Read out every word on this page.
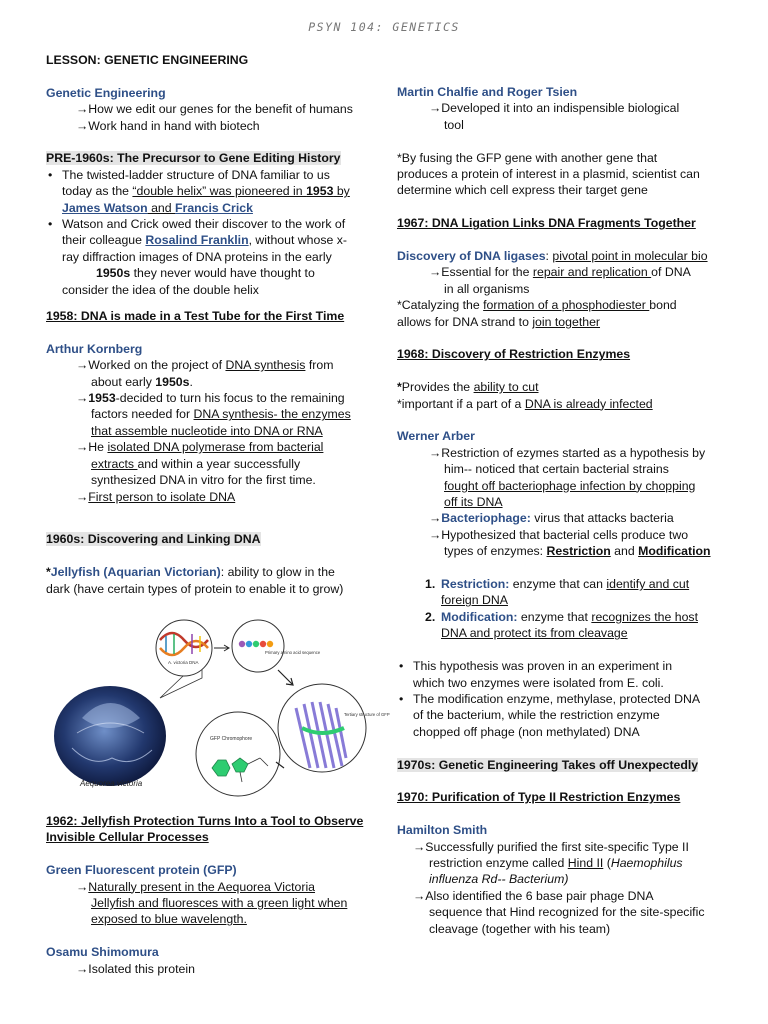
PSYN 104: GENETICS
LESSON: GENETIC ENGINEERING
Genetic Engineering
→How we edit our genes for the benefit of humans
→Work hand in hand with biotech
PRE-1960s: The Precursor to Gene Editing History
• The twisted-ladder structure of DNA familiar to us
today as the “double helix” was pioneered in 1953 by
James Watson and Francis Crick
• Watson and Crick owed their discover to the work of
their colleague Rosalind Franklin, without whose x-
ray diffraction images of DNA proteins in the early
1950s they never would have thought to
consider the idea of the double helix
1958: DNA is made in a Test Tube for the First Time
Arthur Kornberg
→Worked on the project of DNA synthesis from
about early 1950s.
→1953-decided to turn his focus to the remaining
factors needed for DNA synthesis- the enzymes
that assemble nucleotide into DNA or RNA
→He isolated DNA polymerase from bacterial
extracts and within a year successfully
synthesized DNA in vitro for the first time.
→First person to isolate DNA
1960s: Discovering and Linking DNA
*Jellyfish (Aquarian Victorian): ability to glow in the
dark (have certain types of protein to enable it to grow)
Aequorea victoria
A. victoria DNA
Primary amino acid sequence
Tertiary structure of GFP
GFP Chromophore
1962: Jellyfish Protection Turns Into a Tool to Observe
Invisible Cellular Processes
Green Fluorescent protein (GFP)
→Naturally present in the Aequorea Victoria
Jellyfish and fluoresces with a green light when
exposed to blue wavelength.
Osamu Shimomura
→Isolated this protein
Martin Chalfie and Roger Tsien
→Developed it into an indispensible biological
tool
*By fusing the GFP gene with another gene that
produces a protein of interest in a plasmid, scientist can
determine which cell express their target gene
1967: DNA Ligation Links DNA Fragments Together
Discovery of DNA ligases: pivotal point in molecular bio
→Essential for the repair and replication of DNA
in all organisms
*Catalyzing the formation of a phosphodiester bond
allows for DNA strand to join together
1968: Discovery of Restriction Enzymes
*Provides the ability to cut
*important if a part of a DNA is already infected
Werner Arber
→Restriction of ezymes started as a hypothesis by
him-- noticed that certain bacterial strains
fought off bacteriophage infection by chopping
off its DNA
→Bacteriophage: virus that attacks bacteria
→Hypothesized that bacterial cells produce two
types of enzymes: Restriction and Modification
1. Restriction: enzyme that can identify and cut
foreign DNA
2. Modification: enzyme that recognizes the host
DNA and protect its from cleavage
• This hypothesis was proven in an experiment in
which two enzymes were isolated from E. coli.
• The modification enzyme, methylase, protected DNA
of the bacterium, while the restriction enzyme
chopped off phage (non methylated) DNA
1970s: Genetic Engineering Takes off Unexpectedly
1970: Purification of Type II Restriction Enzymes
Hamilton Smith
→Successfully purified the first site-specific Type II
restriction enzyme called Hind II (Haemophilus
influenza Rd-- Bacterium)
→Also identified the 6 base pair phage DNA
sequence that Hind recognized for the site-specific
cleavage (together with his team)
